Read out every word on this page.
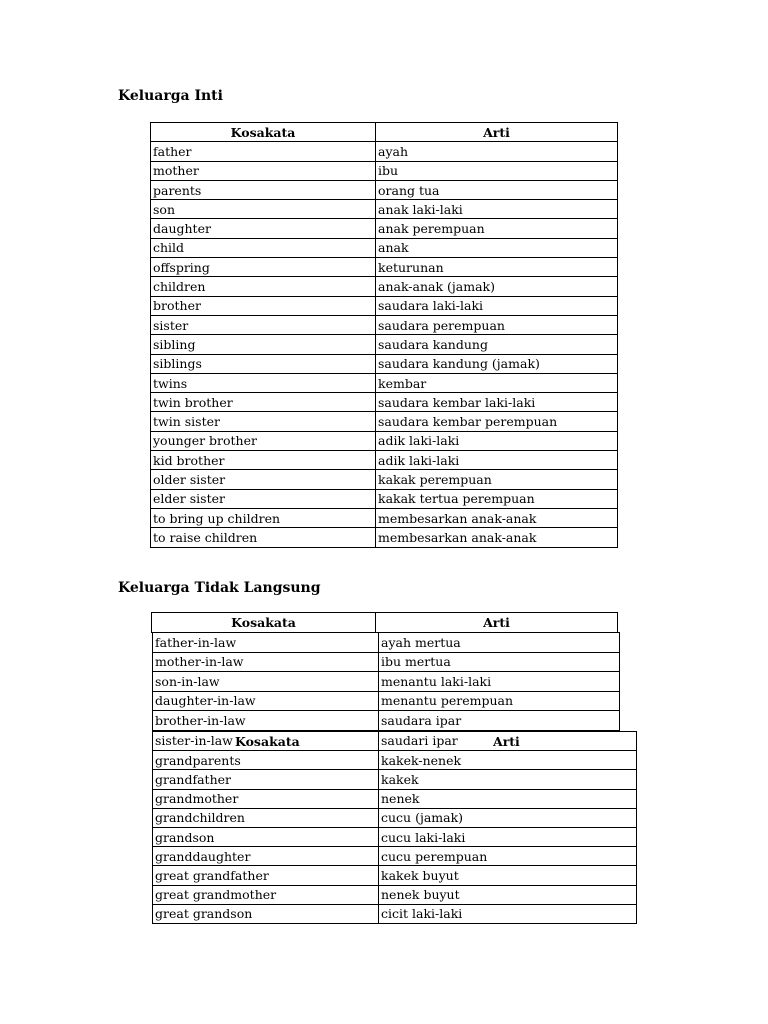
Keluarga Inti
Kosakata	Arti
father	ayah
mother	ibu
parents	orang tua
son	anak laki-laki
daughter	anak perempuan
child	anak
offspring	keturunan
children	anak-anak (jamak)
brother	saudara laki-laki
sister	saudara perempuan
sibling	saudara kandung
siblings	saudara kandung (jamak)
twins	kembar
twin brother	saudara kembar laki-laki
twin sister	saudara kembar perempuan
younger brother	adik laki-laki
kid brother	adik laki-laki
older sister	kakak perempuan
elder sister	kakak tertua perempuan
to bring up children	membesarkan anak-anak
to raise children	membesarkan anak-anak
Keluarga Tidak Langsung
Kosakata	Arti
father-in-law	ayah mertua
mother-in-law	ibu mertua
son-in-law	menantu laki-laki
daughter-in-law	menantu perempuan
brother-in-law	saudara ipar
sister-in-law Kosakata	saudari ipar Arti

grandparents	kakek-nenek
grandfather	kakek
grandmother	nenek
grandchildren	cucu (jamak)
grandson	cucu laki-laki
granddaughter	cucu perempuan
great grandfather	kakek buyut
great grandmother	nenek buyut
great grandson	cicit laki-laki
